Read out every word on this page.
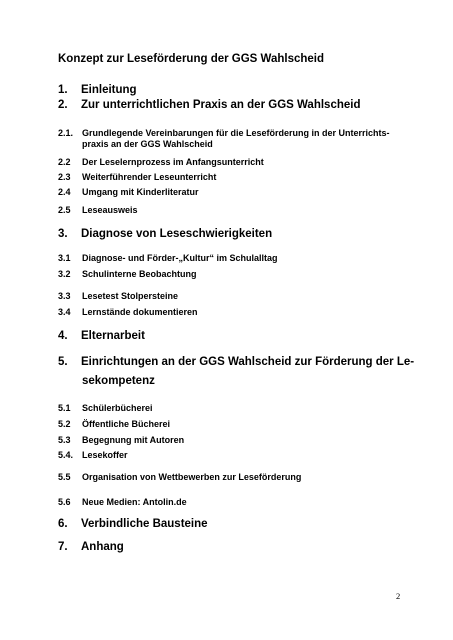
Konzept zur Leseförderung der GGS Wahlscheid
1. Einleitung
2. Zur unterrichtlichen Praxis an der GGS Wahlscheid
2.1. Grundlegende Vereinbarungen für die Leseförderung in der Unterrichts-
praxis an der GGS Wahlscheid
2.2 Der Leselernprozess im Anfangsunterricht
2.3 Weiterführender Leseunterricht
2.4 Umgang mit Kinderliteratur
2.5 Leseausweis
3. Diagnose von Leseschwierigkeiten
3.1 Diagnose- und Förder-„Kultur“ im Schulalltag
3.2 Schulinterne Beobachtung
3.3 Lesetest Stolpersteine
3.4 Lernstände dokumentieren
4. Elternarbeit
5. Einrichtungen an der GGS Wahlscheid zur Förderung der Le-
sekompetenz
5.1 Schülerbücherei
5.2 Öffentliche Bücherei
5.3 Begegnung mit Autoren
5.4. Lesekoffer
5.5 Organisation von Wettbewerben zur Leseförderung
5.6 Neue Medien: Antolin.de
6. Verbindliche Bausteine
7. Anhang
2
